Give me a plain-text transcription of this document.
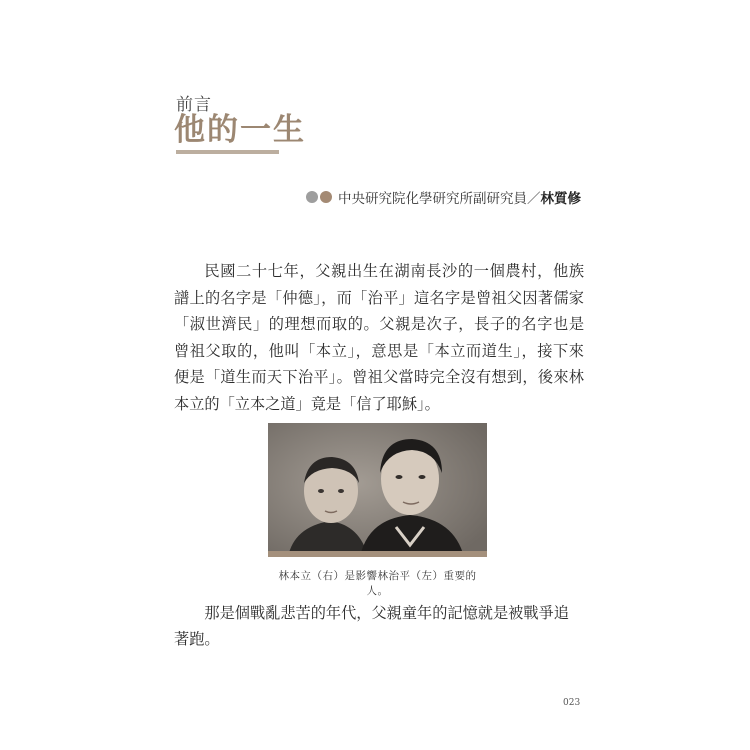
前言
他的一生
中央研究院化學研究所副研究員／ 林質修

民國二十七年，父親出生在湖南長沙的一個農村，他族譜上的名字是「仲德」，而「治平」這名字是曾祖父因著儒家「淑世濟民」的理想而取的。父親是次子，長子的名字也是曾祖父取的，他叫「本立」，意思是「本立而道生」，接下來便是「道生而天下治平」。曾祖父當時完全沒有想到，後來林本立的「立本之道」竟是「信了耶穌」。

林本立（右）是影響林治平（左）重要的人。

那是個戰亂悲苦的年代，父親童年的記憶就是被戰爭追著跑。

023
